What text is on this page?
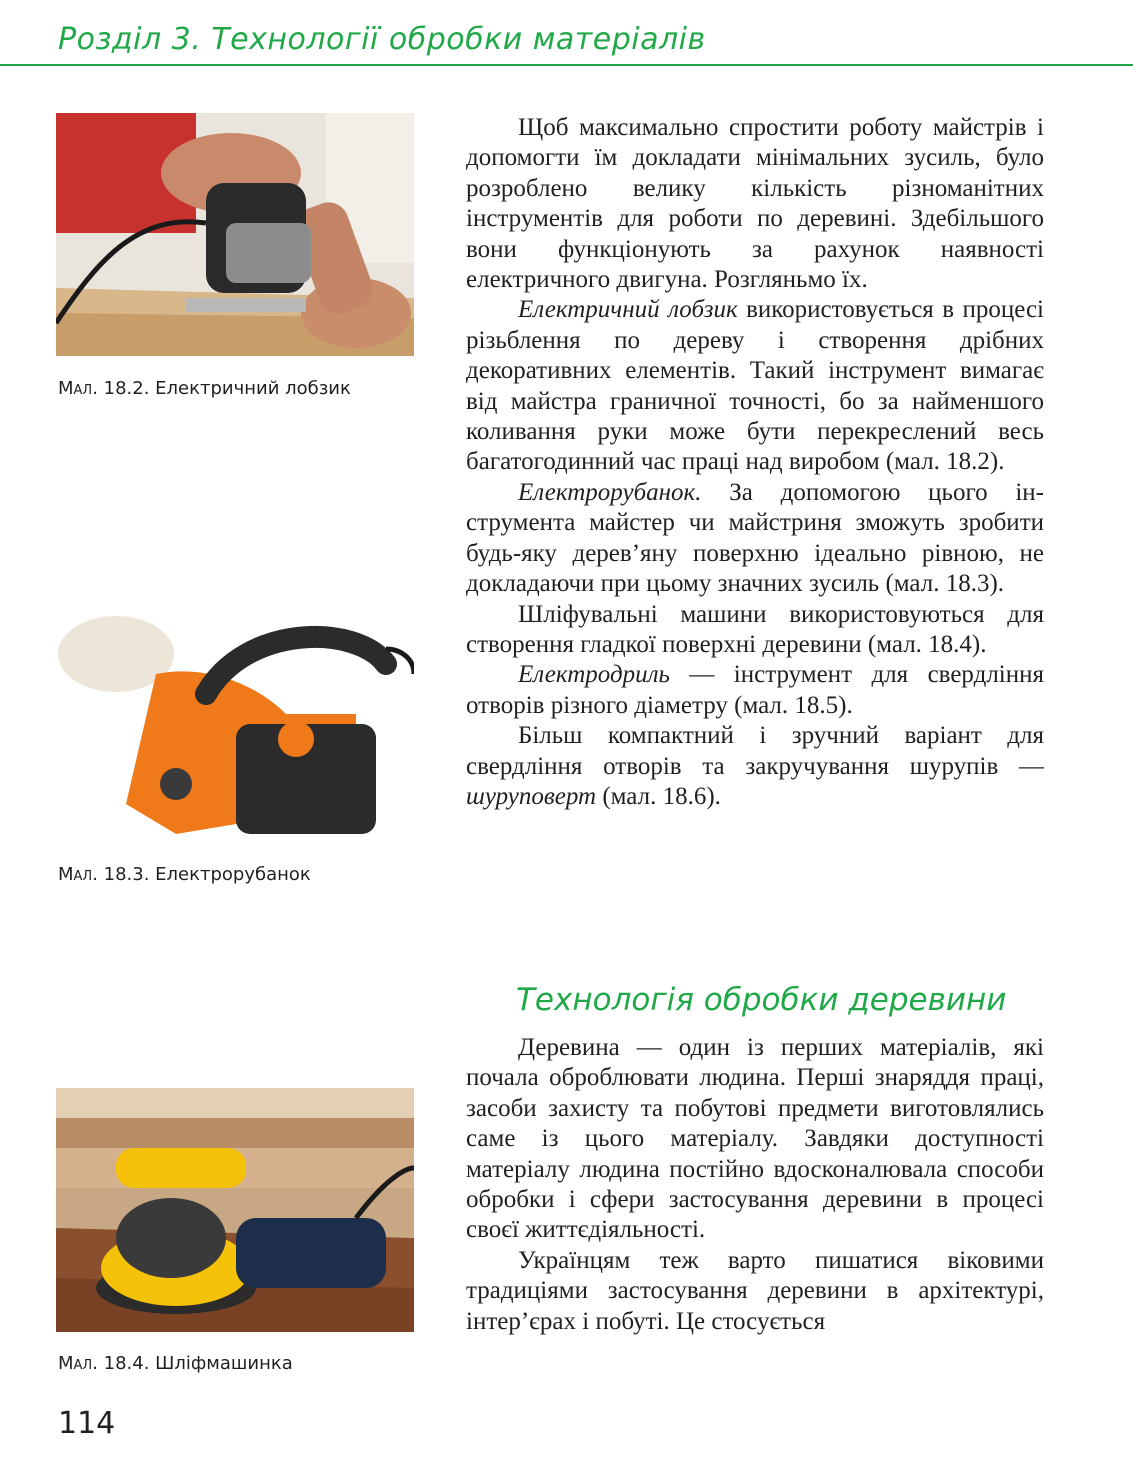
Розділ 3. Технології обробки матеріалів
Мал. 18.2. Електричний лобзик
Мал. 18.3. Електрорубанок
Мал. 18.4. Шліфмашинка

Щоб максимально спростити роботу майстрів і допомогти їм докладати мінімальних зусиль, було розроблено велику кількість різноманітних інструментів для роботи по деревині. Здебільшого вони функціонують за рахунок наявності електричного двигуна. Розгляньмо їх.

Електричний лобзик використовується в процесі різьблення по дереву і створення дрібних декоративних елементів. Такий інструмент вимагає від майстра граничної точності, бо за найменшого коливання руки може бути перекреслений весь багатогодинний час праці над виробом (мал. 18.2).

Електрорубанок. За допомогою цього інструмента майстер чи майстриня зможуть зробити будь-яку дерев’яну поверхню ідеально рівною, не докладаючи при цьому значних зусиль (мал. 18.3).

Шліфувальні машини використовуються для створення гладкої поверхні деревини (мал. 18.4).

Електродриль — інструмент для свердління отворів різного діаметру (мал. 18.5).

Більш компактний і зручний варіант для свердління отворів та закручування шурупів — шуруповерт (мал. 18.6).

Технологія обробки деревини

Деревина — один із перших матеріалів, які почала оброблювати людина. Перші знаряддя праці, засоби захисту та побутові предмети виготовлялись саме із цього матеріалу. Завдяки доступності матеріалу людина постійно вдосконалювала способи обробки і сфери застосування деревини в процесі своєї життєдіяльності.

Українцям теж варто пишатися віковими традиціями застосування деревини в архітектурі, інтер’єрах і побуті. Це стосується

114
